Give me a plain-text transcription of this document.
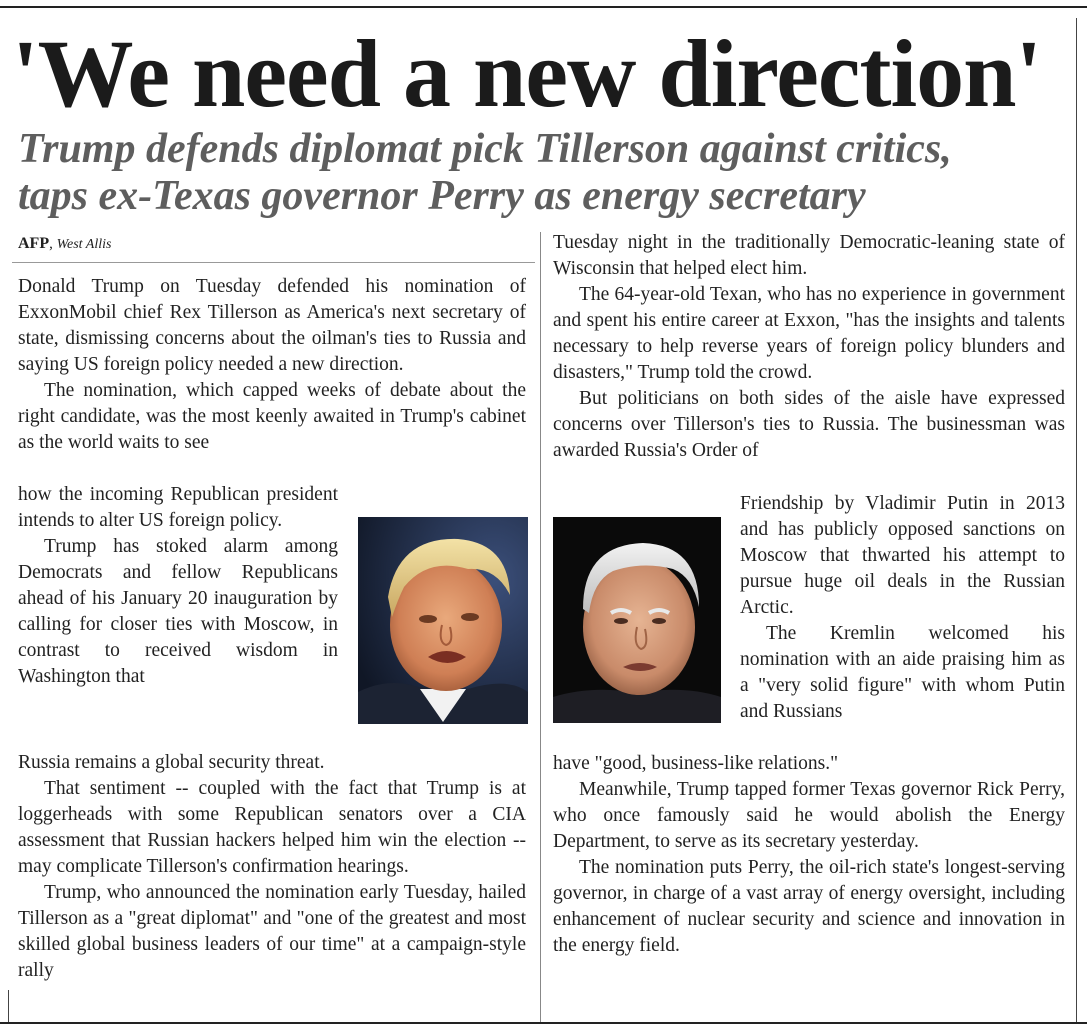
'We need a new direction'
Trump defends diplomat pick Tillerson against critics,
taps ex-Texas governor Perry as energy secretary
AFP, West Allis

Donald Trump on Tuesday defended his nomination of ExxonMobil chief Rex Tillerson as America's next secretary of state, dismissing concerns about the oilman's ties to Russia and saying US foreign policy needed a new direction.

The nomination, which capped weeks of debate about the right candidate, was the most keenly awaited in Trump's cabinet as the world waits to see

how the incoming Republican president intends to alter US foreign policy.

Trump has stoked alarm among Democrats and fellow Republicans ahead of his January 20 inauguration by calling for closer ties with Moscow, in contrast to received wisdom in Washington that

Russia remains a global security threat.

That sentiment -- coupled with the fact that Trump is at loggerheads with some Republican senators over a CIA assessment that Russian hackers helped him win the election -- may complicate Tillerson's confirmation hearings.

Trump, who announced the nomination early Tuesday, hailed Tillerson as a "great diplomat" and "one of the greatest and most skilled global business leaders of our time" at a campaign-style rally

Tuesday night in the traditionally Democratic-leaning state of Wisconsin that helped elect him.

The 64-year-old Texan, who has no experience in government and spent his entire career at Exxon, "has the insights and talents necessary to help reverse years of foreign policy blunders and disasters," Trump told the crowd.

But politicians on both sides of the aisle have expressed concerns over Tillerson's ties to Russia. The businessman was awarded Russia's Order of

Friendship by Vladimir Putin in 2013 and has publicly opposed sanctions on Moscow that thwarted his attempt to pursue huge oil deals in the Russian Arctic.

The Kremlin welcomed his nomination with an aide praising him as a "very solid figure" with whom Putin and Russians

have "good, business-like relations."

Meanwhile, Trump tapped former Texas governor Rick Perry, who once famously said he would abolish the Energy Department, to serve as its secretary yesterday.

The nomination puts Perry, the oil-rich state's longest-serving governor, in charge of a vast array of energy oversight, including enhancement of nuclear security and science and innovation in the energy field.
